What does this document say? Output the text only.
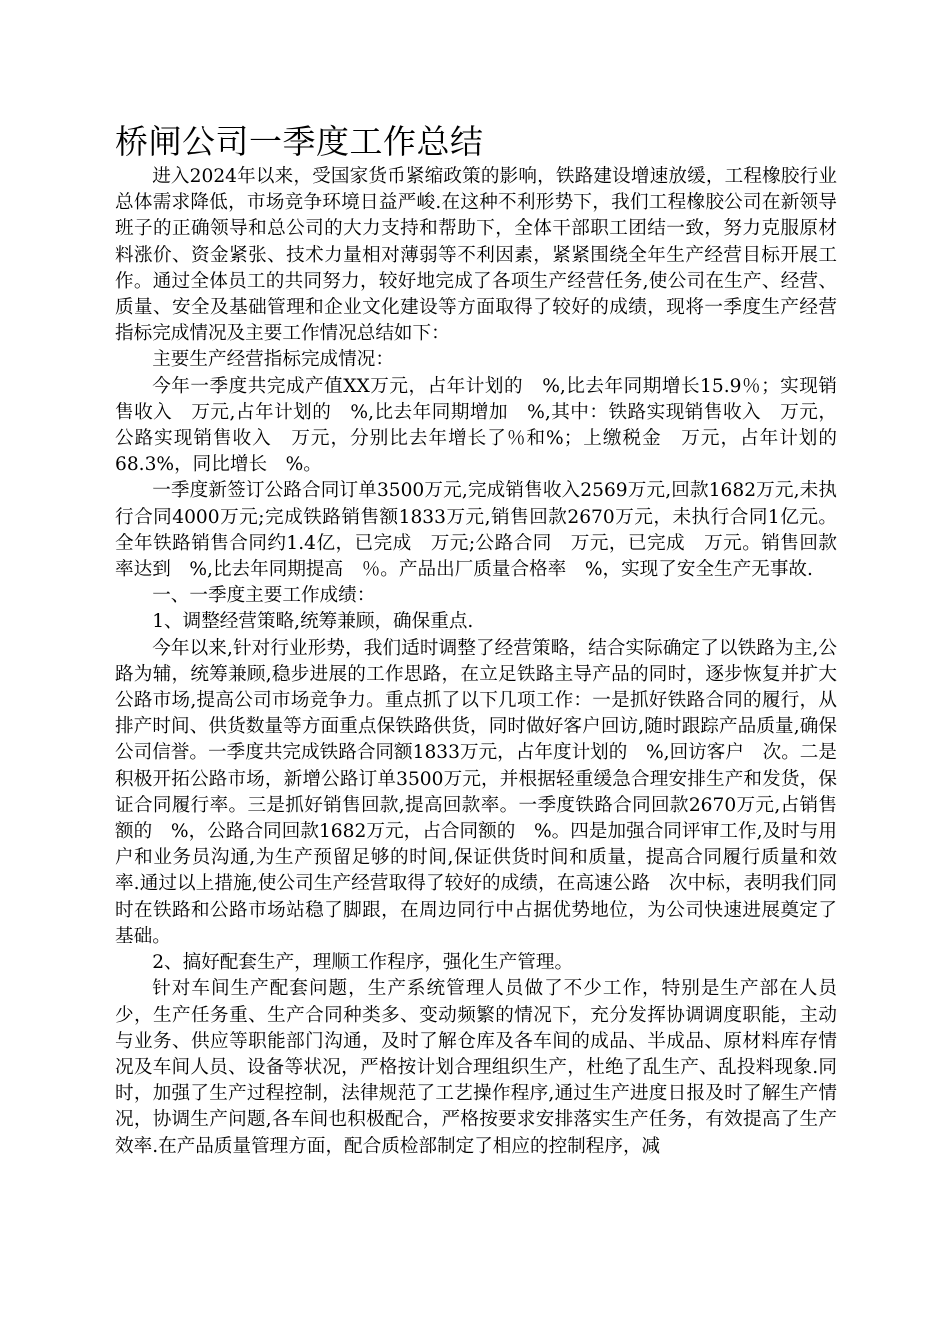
桥闸公司一季度工作总结

进入2024年以来，受国家货币紧缩政策的影响，铁路建设增速放缓，工程橡胶行业总体需求降低，市场竞争环境日益严峻.在这种不利形势下，我们工程橡胶公司在新领导班子的正确领导和总公司的大力支持和帮助下，全体干部职工团结一致，努力克服原材料涨价、资金紧张、技术力量相对薄弱等不利因素，紧紧围绕全年生产经营目标开展工作。通过全体员工的共同努力，较好地完成了各项生产经营任务,使公司在生产、经营、质量、安全及基础管理和企业文化建设等方面取得了较好的成绩，现将一季度生产经营指标完成情况及主要工作情况总结如下：

主要生产经营指标完成情况：

今年一季度共完成产值XX万元，占年计划的　%,比去年同期增长15.9％；实现销售收入　万元,占年计划的　%,比去年同期增加　%,其中：铁路实现销售收入　万元，公路实现销售收入　万元，分别比去年增长了％和%；上缴税金　万元，占年计划的68.3%，同比增长　%。

一季度新签订公路合同订单3500万元,完成销售收入2569万元,回款1682万元,未执行合同4000万元;完成铁路销售额1833万元,销售回款2670万元，未执行合同1亿元。全年铁路销售合同约1.4亿，已完成　万元;公路合同　万元，已完成　万元。销售回款率达到　%,比去年同期提高　％。产品出厂质量合格率　%，实现了安全生产无事故.

一、一季度主要工作成绩：

1、调整经营策略,统筹兼顾，确保重点.

今年以来,针对行业形势，我们适时调整了经营策略，结合实际确定了以铁路为主,公路为辅，统筹兼顾,稳步进展的工作思路，在立足铁路主导产品的同时，逐步恢复并扩大公路市场,提高公司市场竞争力。重点抓了以下几项工作：一是抓好铁路合同的履行，从排产时间、供货数量等方面重点保铁路供货，同时做好客户回访,随时跟踪产品质量,确保公司信誉。一季度共完成铁路合同额1833万元，占年度计划的　%,回访客户　次。二是积极开拓公路市场，新增公路订单3500万元，并根据轻重缓急合理安排生产和发货，保证合同履行率。三是抓好销售回款,提高回款率。一季度铁路合同回款2670万元,占销售额的　%，公路合同回款1682万元，占合同额的　%。四是加强合同评审工作,及时与用户和业务员沟通,为生产预留足够的时间,保证供货时间和质量，提高合同履行质量和效率.通过以上措施,使公司生产经营取得了较好的成绩，在高速公路　次中标，表明我们同时在铁路和公路市场站稳了脚跟，在周边同行中占据优势地位，为公司快速进展奠定了基础。

2、搞好配套生产，理顺工作程序，强化生产管理。

针对车间生产配套问题，生产系统管理人员做了不少工作，特别是生产部在人员少，生产任务重、生产合同种类多、变动频繁的情况下，充分发挥协调调度职能，主动与业务、供应等职能部门沟通，及时了解仓库及各车间的成品、半成品、原材料库存情况及车间人员、设备等状况，严格按计划合理组织生产，杜绝了乱生产、乱投料现象.同时，加强了生产过程控制，法律规范了工艺操作程序,通过生产进度日报及时了解生产情况，协调生产问题,各车间也积极配合，严格按要求安排落实生产任务，有效提高了生产效率.在产品质量管理方面，配合质检部制定了相应的控制程序，减
